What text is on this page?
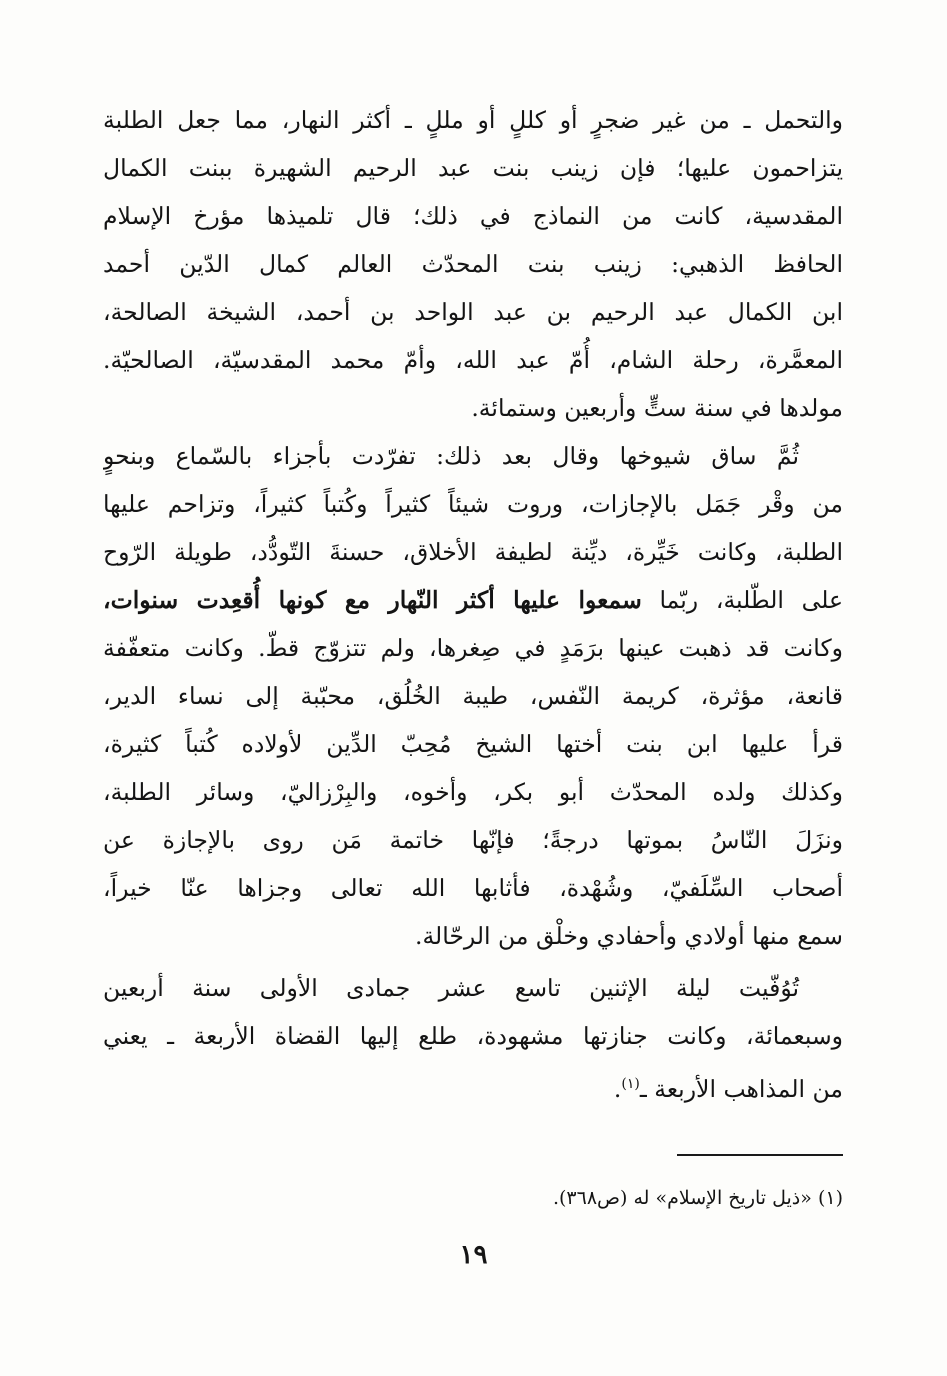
والتحمل ـ من غير ضجرٍ أو كللٍ أو مللٍ ـ أكثر النهار، مما جعل الطلبة
يتزاحمون عليها؛ فإن زينب بنت عبد الرحيم الشهيرة ببنت الكمال
المقدسية، كانت من النماذج في ذلك؛ قال تلميذها مؤرخ الإسلام
الحافظ الذهبي: زينب بنت المحدّث العالم كمال الدّين أحمد
ابن الكمال عبد الرحيم بن عبد الواحد بن أحمد، الشيخة الصالحة،
المعمَّرة، رحلة الشام، أُمّ عبد الله، وأمّ محمد المقدسيّة، الصالحيّة.
مولدها في سنة ستٍّ وأربعين وستمائة.
ثُمَّ ساق شيوخها وقال بعد ذلك: تفرّدت بأجزاء بالسّماع وبنحوٍ
من وقْر جَمَل بالإجازات، وروت شيئاً كثيراً وكُتباً كثيراً، وتزاحم عليها
الطلبة، وكانت خَيِّرة، ديِّنة لطيفة الأخلاق، حسنةَ التّودُّد، طويلة الرّوح
على الطّلبة، ربّما سمعوا عليها أكثر النّهار مع كونها أُقعِدت سنوات،
وكانت قد ذهبت عينها برَمَدٍ في صِغرها، ولم تتزوّج قطّ. وكانت متعفّفة
قانعة، مؤثرة، كريمة النّفس، طيبة الخُلُق، محبّبة إلى نساء الدير،
قرأ عليها ابن بنت أختها الشيخ مُحِبّ الدِّين لأولاده كُتباً كثيرة،
وكذلك ولده المحدّث أبو بكر، وأخوه، والبِرْزاليّ، وسائر الطلبة،
ونزَلَ النّاسُ بموتها درجةً؛ فإنّها خاتمة مَن روى بالإجازة عن
أصحاب السِّلَفيّ، وشُهْدة، فأثابها الله تعالى وجزاها عنّا خيراً،
سمع منها أولادي وأحفادي وخلْق من الرحّالة.
تُوُفّيت ليلة الإثنين تاسع عشر جمادى الأولى سنة أربعين
وسبعمائة، وكانت جنازتها مشهودة، طلع إليها القضاة الأربعة ـ يعني
من المذاهب الأربعة ـ$^{(١)}$.
(١) «ذيل تاريخ الإسلام» له (ص٣٦٨).
١٩
